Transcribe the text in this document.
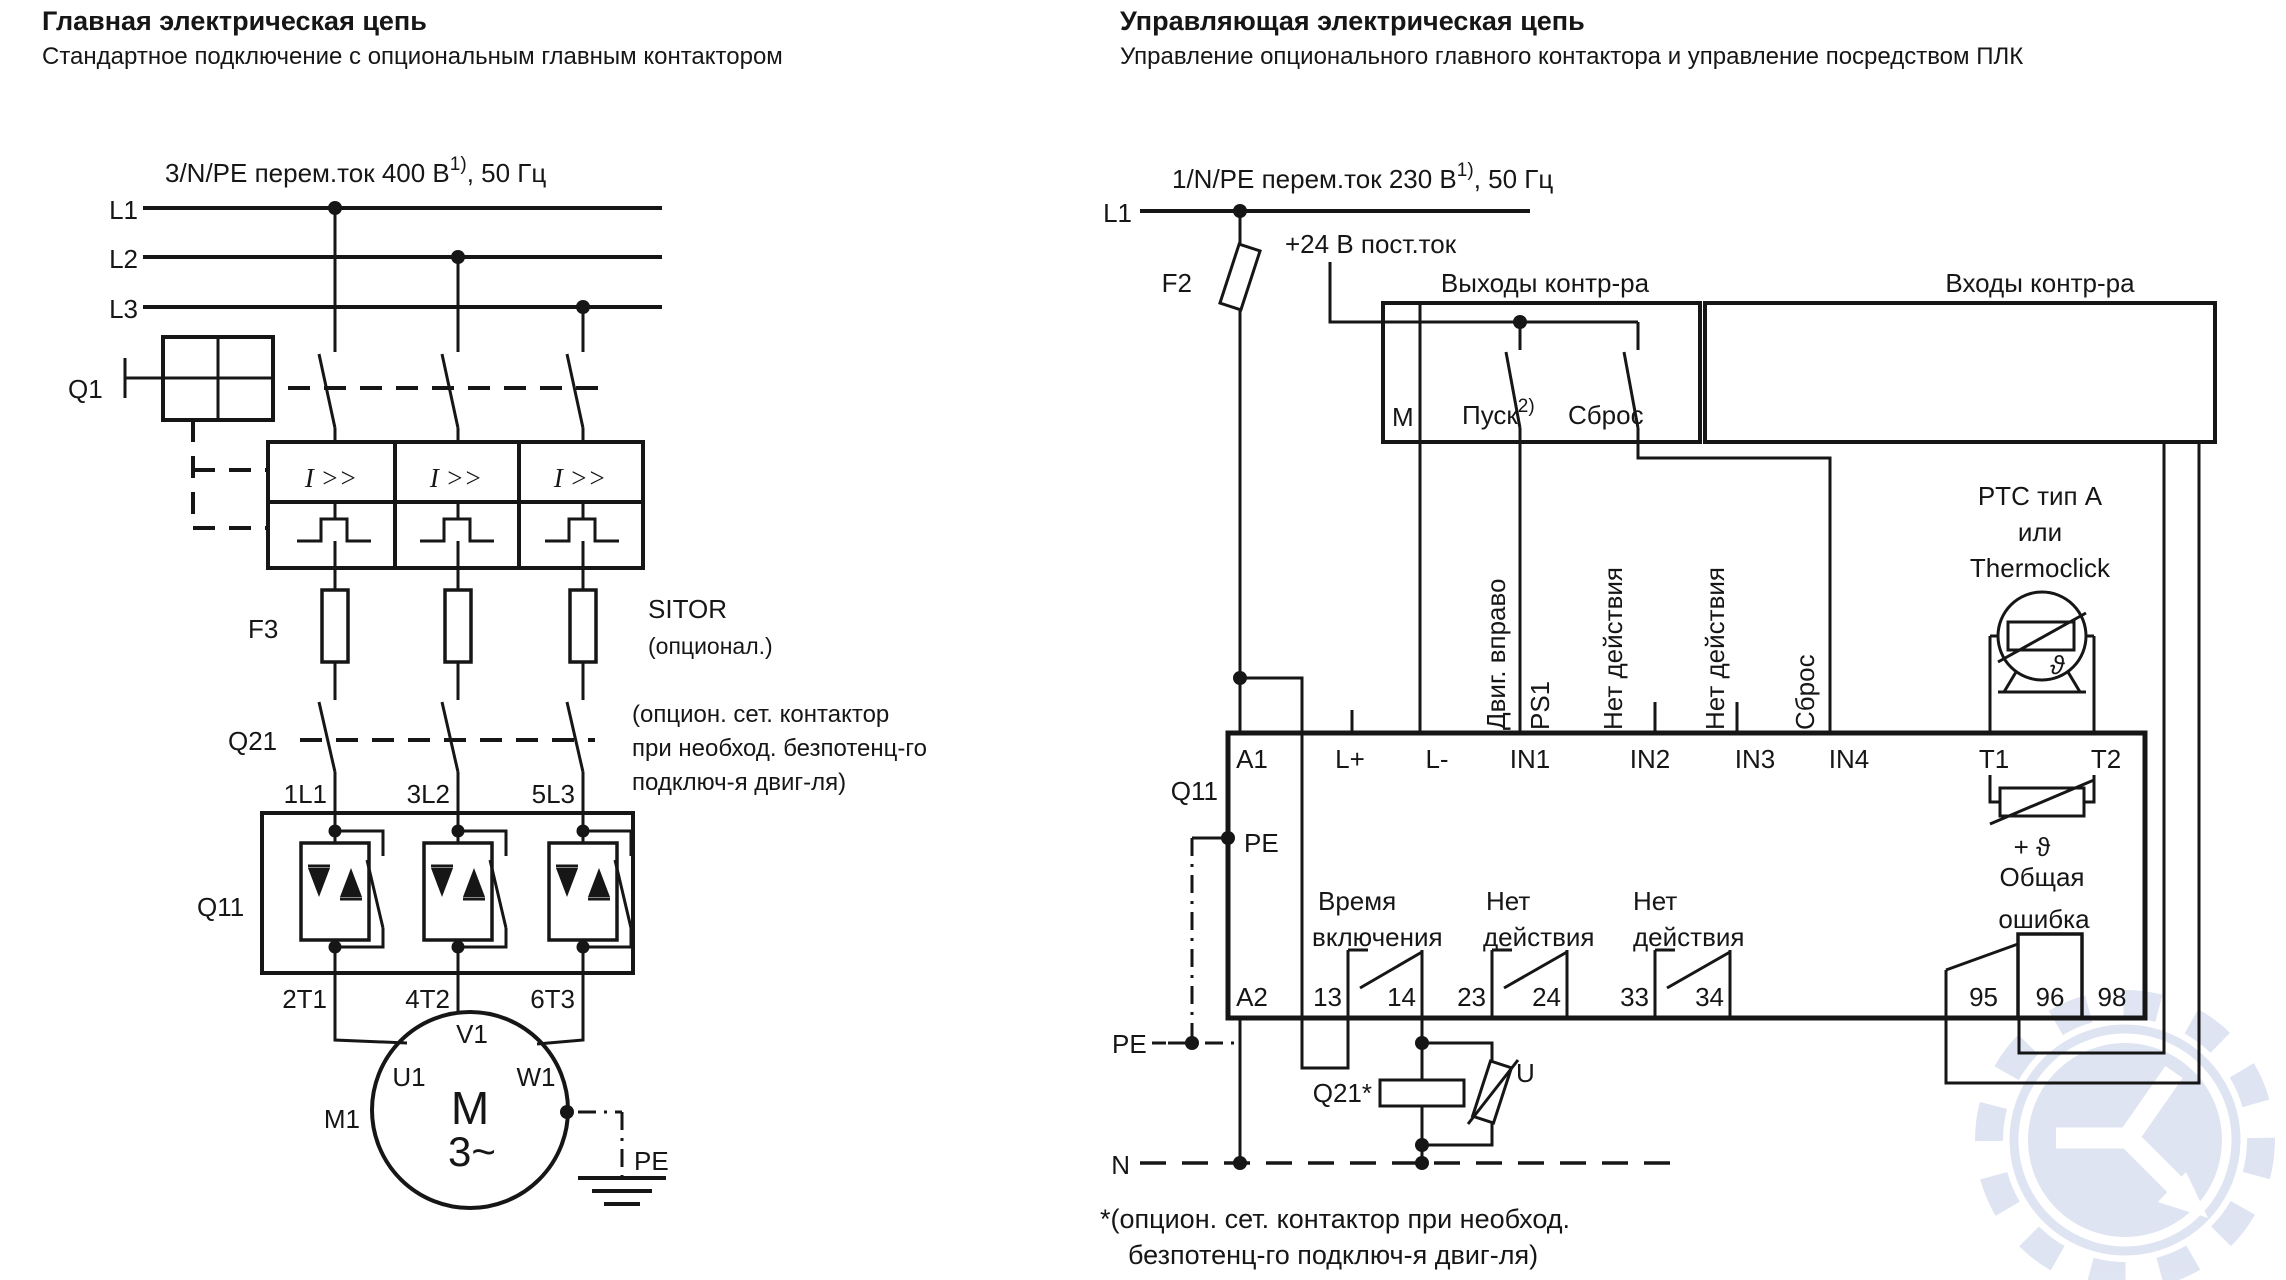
Главная электрическая цепь
Стандартное подключение с опциональным главным контактором
3/N/PE перем.ток 400 $В^{1)}$, 50 Гц
L1
L2
L3
Q1
I >>	I >>	I >>
F3
SITOR
(опционал.)
Q21
(опцион. сет. контактор
при необход. безпотенц-го
подключ-я двиг-ля)
1L1	3L2	5L3
Q11
2T1	4T2	6T3
V1
U1	W1
M
3~
M1
PE
Управляющая электрическая цепь
Управление опционального главного контактора и управление посредством ПЛК
1/N/PE перем.ток 230 $В^{1)}$, 50 Гц
L1
F2
+24 В пост.ток
Выходы контр-ра	Входы контр-ра
М Пуск$^{2)}$ Сброс
Двиг. вправо PS1 Нет действия	Нет действия Сброс
PTC тип A
или
Thermoclick
ϑ
Q11
A1	L+ L- IN1	IN2 IN3 IN4	T1	T2
PE
A2
+ ϑ
Время
включения
Нет
действия
Нет
действия
Общая
ошибка
13 14 23 24 33 34	95 96 98
Q21*
U
N
PE
*(опцион. сет. контактор при необход.
безпотенц-го подключ-я двиг-ля)
